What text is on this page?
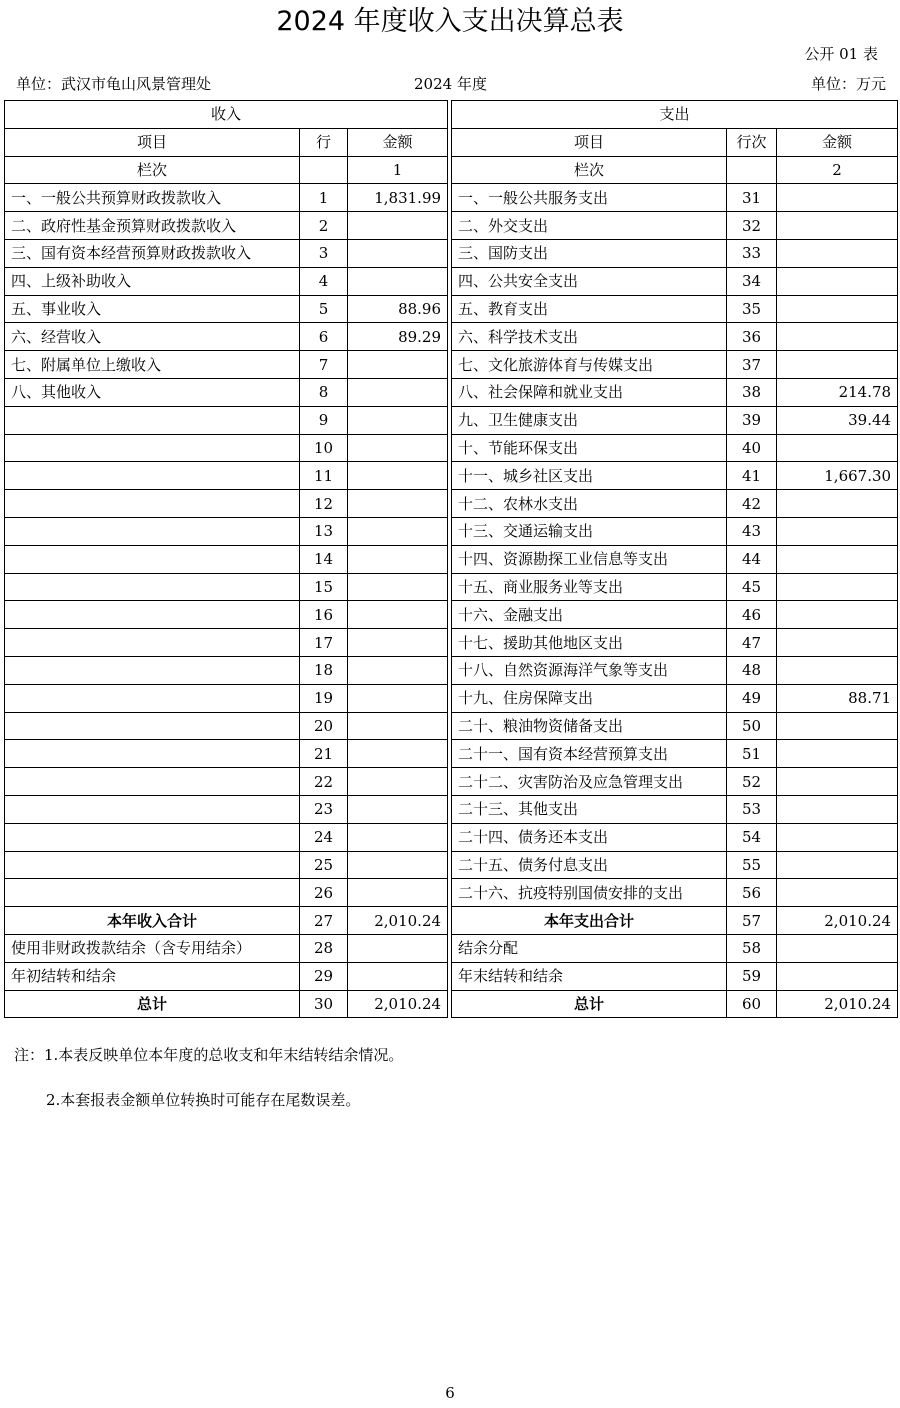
2024 年度收入支出决算总表
公开 01 表
单位：武汉市龟山风景管理处	2024 年度	单位：万元
收入				支出		
项目	行	金额		项目	行次	金额
栏次		1		栏次		2
一、一般公共预算财政拨款收入	1	1,831.99		一、一般公共服务支出	31	
二、政府性基金预算财政拨款收入	2			二、外交支出	32	
三、国有资本经营预算财政拨款收入	3			三、国防支出	33	
四、上级补助收入	4			四、公共安全支出	34	
五、事业收入	5	88.96		五、教育支出	35	
六、经营收入	6	89.29		六、科学技术支出	36	
七、附属单位上缴收入	7			七、文化旅游体育与传媒支出	37	
八、其他收入	8			八、社会保障和就业支出	38	214.78
	9			九、卫生健康支出	39	39.44
	10			十、节能环保支出	40	
	11			十一、城乡社区支出	41	1,667.30
	12			十二、农林水支出	42	
	13			十三、交通运输支出	43	
	14			十四、资源勘探工业信息等支出	44	
	15			十五、商业服务业等支出	45	
	16			十六、金融支出	46	
	17			十七、援助其他地区支出	47	
	18			十八、自然资源海洋气象等支出	48	
	19			十九、住房保障支出	49	88.71
	20			二十、粮油物资储备支出	50	
	21			二十一、国有资本经营预算支出	51	
	22			二十二、灾害防治及应急管理支出	52	
	23			二十三、其他支出	53	
	24			二十四、债务还本支出	54	
	25			二十五、债务付息支出	55	
	26			二十六、抗疫特别国债安排的支出	56	
本年收入合计	27	2,010.24		本年支出合计	57	2,010.24
使用非财政拨款结余（含专用结余）	28			结余分配	58	
年初结转和结余	29			年末结转和结余	59	
总计	30	2,010.24		总计	60	2,010.24
注：1.本表反映单位本年度的总收支和年末结转结余情况。
2.本套报表金额单位转换时可能存在尾数误差。
6
